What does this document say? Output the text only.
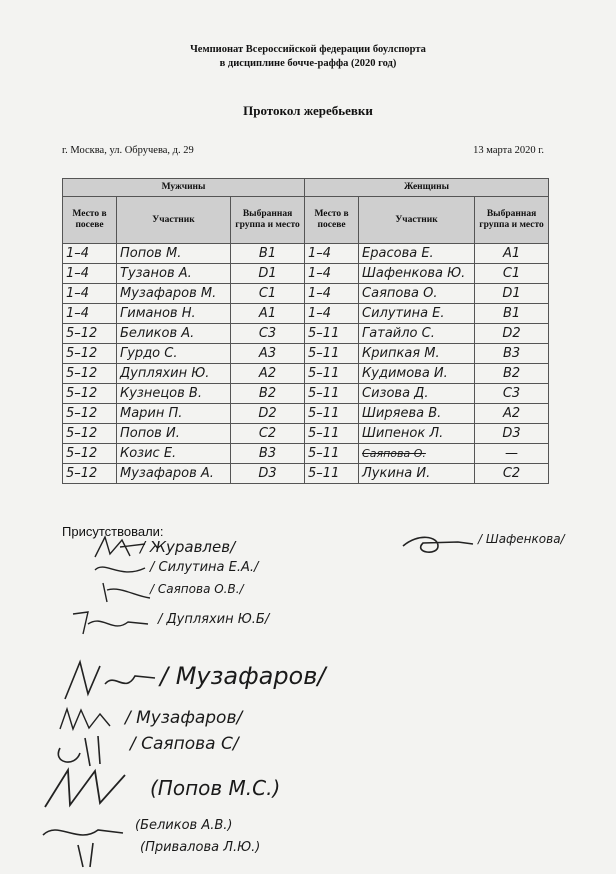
Чемпионат Всероссийской федерации боулспорта
в дисциплине бочче-раффа (2020 год)
Протокол жеребьевки
г. Москва, ул. Обручева, д. 29	13 марта 2020 г.
Мужчины			Женщины		
Место в посеве	Участник	Выбранная группа и место	Место в посеве	Участник	Выбранная группа и место
1–4	Попов М.	B1	1–4	Ерасова Е.	A1
1–4	Тузанов А.	D1	1–4	Шафенкова Ю.	C1
1–4	Музафаров М.	C1	1–4	Саяпова О.	D1
1–4	Гиманов Н.	A1	1–4	Силутина Е.	B1
5–12	Беликов А.	C3	5–11	Гатайло С.	D2
5–12	Гурдо С.	A3	5–11	Крипкая М.	B3
5–12	Дупляхин Ю.	A2	5–11	Кудимова И.	B2
5–12	Кузнецов В.	B2	5–11	Сизова Д.	C3
5–12	Марин П.	D2	5–11	Ширяева В.	A2
5–12	Попов И.	C2	5–11	Шипенок Л.	D3
5–12	Козис Е.	B3	5–11	Саяпова О.	—
5–12	Музафаров А.	D3	5–11	Лукина И.	C2
Присутствовали:
/ Журавлев/
/ Силутина Е.А./
/ Саяпова О.В./
/ Дупляхин Ю.Б/
/ Музафаров/
/ Музафаров/
/ Саяпова С/
(Попов М.С.)
(Беликов А.В.)
(Привалова Л.Ю.)
/ Шафенкова/
